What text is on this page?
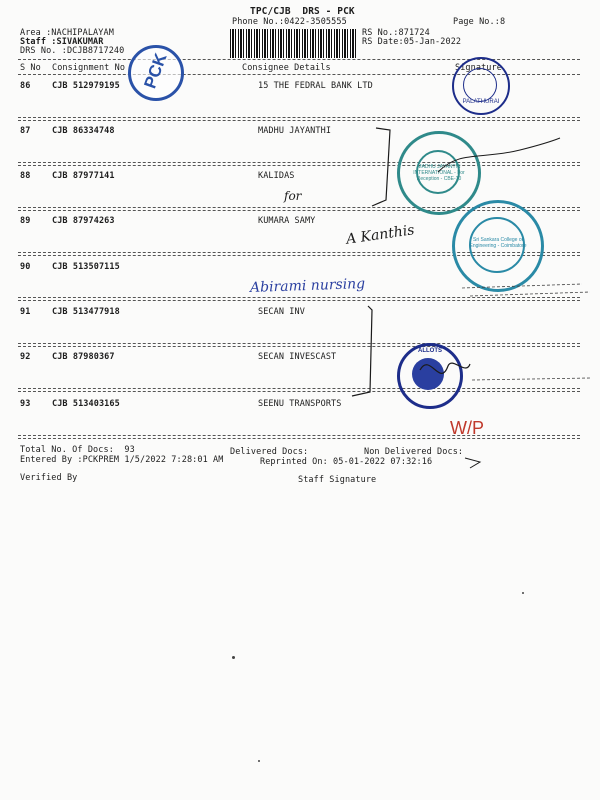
TPC/CJB  DRS - PCK
Phone No.:0422-3505555	Page No.:8
Area :NACHIPALAYAM
Staff :SIVAKUMAR
DRS No. :DCJB8717240
RS No.:871724
RS Date:05-Jan-2022
S No Consignment No	Consignee Details	Signature
86	CJB 512979195	15 THE FEDRAL BANK LTD
87	CJB 86334748	MADHU JAYANTHI
88	CJB 87977141	KALIDAS
89	CJB 87974263	KUMARA SAMY
90	CJB 513507115
91	CJB 513477918	SECAN INV
92	CJB 87980367	SECAN INVESCAST
93	CJB 513403165	SEENU TRANSPORTS
Total No. Of Docs:  93	Delivered Docs:	Non Delivered Docs:
Entered By :PCKPREM 1/5/2022 7:28:01 AM	Reprinted On: 05-01-2022 07:32:16
Verified By	Staff Signature
PCK
PALATHURAI
MADHU JAYANTHI INTERNATIONAL - For Reception - CBE-10
Sri Sankara College of Engineering - Coimbatore
ALLOTS
for
A Kanthis
Abirami nursing
W/P
